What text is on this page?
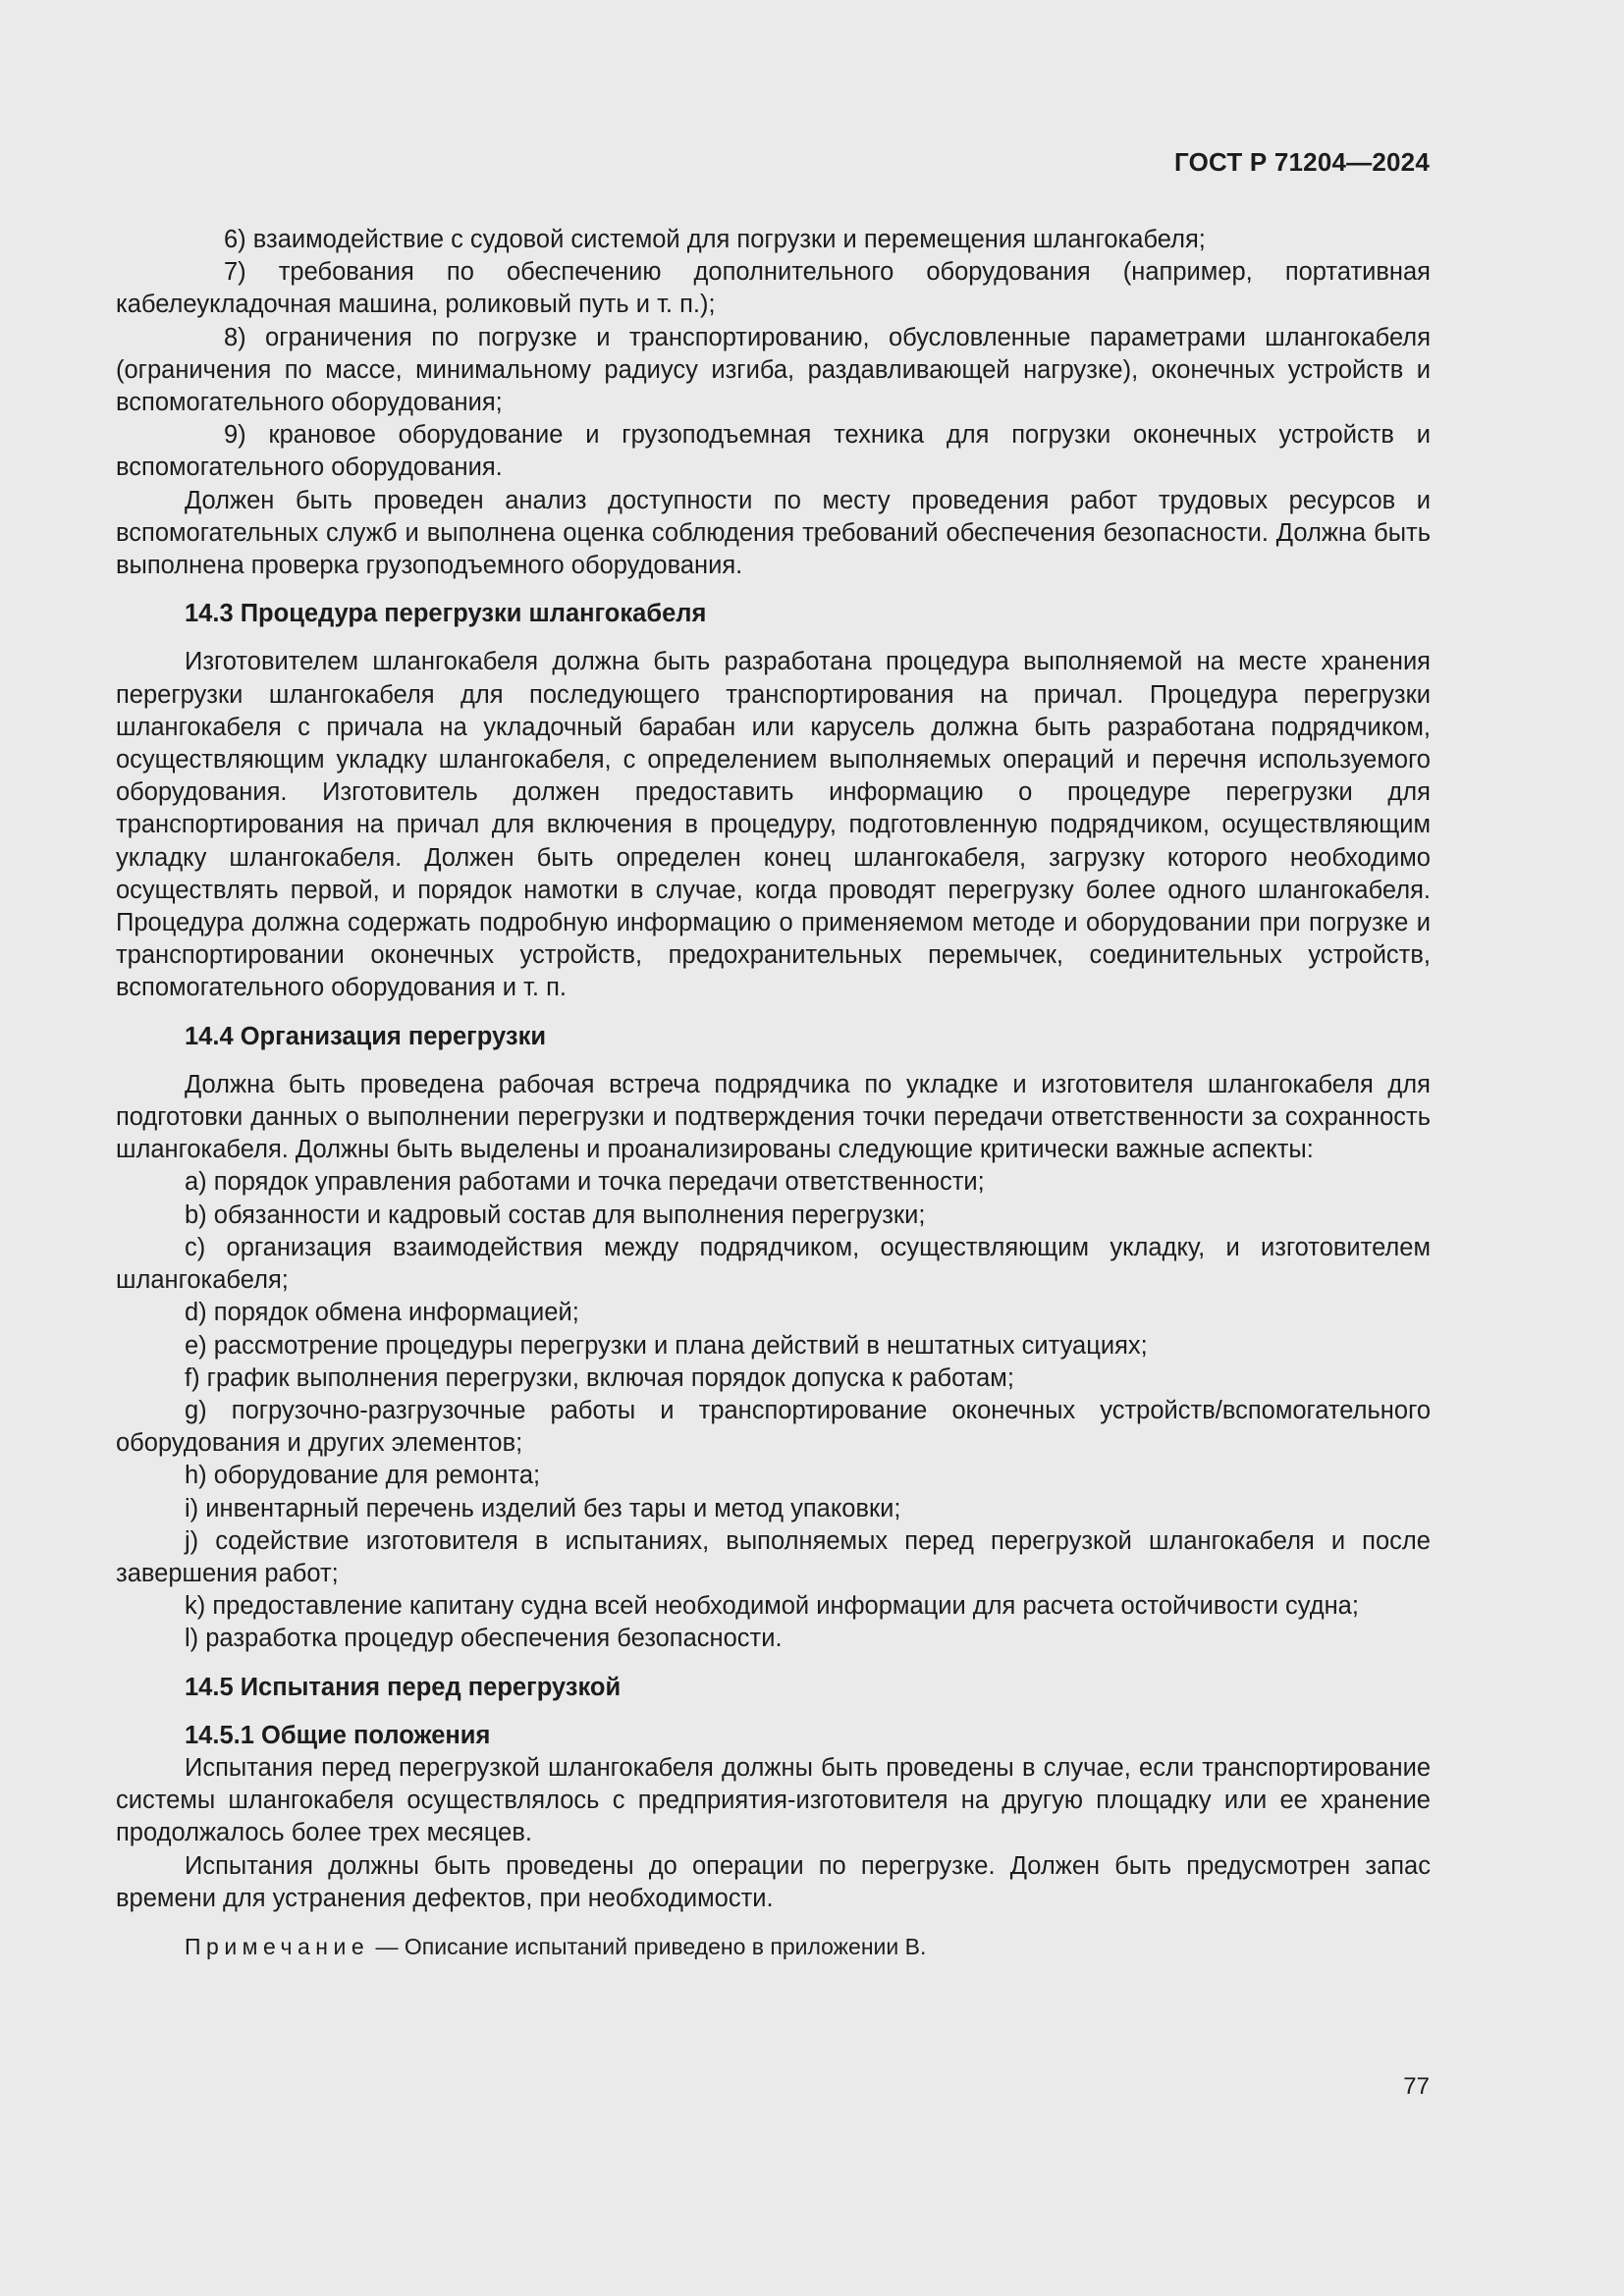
ГОСТ Р 71204—2024

6) взаимодействие с судовой системой для погрузки и перемещения шлангокабеля;

7) требования по обеспечению дополнительного оборудования (например, портативная кабелеукладочная машина, роликовый путь и т. п.);

8) ограничения по погрузке и транспортированию, обусловленные параметрами шлангокабеля (ограничения по массе, минимальному радиусу изгиба, раздавливающей нагрузке), оконечных устройств и вспомогательного оборудования;

9) крановое оборудование и грузоподъемная техника для погрузки оконечных устройств и вспомогательного оборудования.

Должен быть проведен анализ доступности по месту проведения работ трудовых ресурсов и вспомогательных служб и выполнена оценка соблюдения требований обеспечения безопасности. Должна быть выполнена проверка грузоподъемного оборудования.

14.3 Процедура перегрузки шлангокабеля

Изготовителем шлангокабеля должна быть разработана процедура выполняемой на месте хранения перегрузки шлангокабеля для последующего транспортирования на причал. Процедура перегрузки шлангокабеля с причала на укладочный барабан или карусель должна быть разработана подрядчиком, осуществляющим укладку шлангокабеля, с определением выполняемых операций и перечня используемого оборудования. Изготовитель должен предоставить информацию о процедуре перегрузки для транспортирования на причал для включения в процедуру, подготовленную подрядчиком, осуществляющим укладку шлангокабеля. Должен быть определен конец шлангокабеля, загрузку которого необходимо осуществлять первой, и порядок намотки в случае, когда проводят перегрузку более одного шлангокабеля. Процедура должна содержать подробную информацию о применяемом методе и оборудовании при погрузке и транспортировании оконечных устройств, предохранительных перемычек, соединительных устройств, вспомогательного оборудования и т. п.

14.4 Организация перегрузки

Должна быть проведена рабочая встреча подрядчика по укладке и изготовителя шлангокабеля для подготовки данных о выполнении перегрузки и подтверждения точки передачи ответственности за сохранность шлангокабеля. Должны быть выделены и проанализированы следующие критически важные аспекты:

a) порядок управления работами и точка передачи ответственности;

b) обязанности и кадровый состав для выполнения перегрузки;

c) организация взаимодействия между подрядчиком, осуществляющим укладку, и изготовителем шлангокабеля;

d) порядок обмена информацией;

e) рассмотрение процедуры перегрузки и плана действий в нештатных ситуациях;

f) график выполнения перегрузки, включая порядок допуска к работам;

g) погрузочно-разгрузочные работы и транспортирование оконечных устройств/вспомогательного оборудования и других элементов;

h) оборудование для ремонта;

i) инвентарный перечень изделий без тары и метод упаковки;

j) содействие изготовителя в испытаниях, выполняемых перед перегрузкой шлангокабеля и после завершения работ;

k) предоставление капитану судна всей необходимой информации для расчета остойчивости судна;

l) разработка процедур обеспечения безопасности.

14.5 Испытания перед перегрузкой
14.5.1 Общие положения

Испытания перед перегрузкой шлангокабеля должны быть проведены в случае, если транспортирование системы шлангокабеля осуществлялось с предприятия-изготовителя на другую площадку или ее хранение продолжалось более трех месяцев.

Испытания должны быть проведены до операции по перегрузке. Должен быть предусмотрен запас времени для устранения дефектов, при необходимости.

Примечание — Описание испытаний приведено в приложении В.

77
